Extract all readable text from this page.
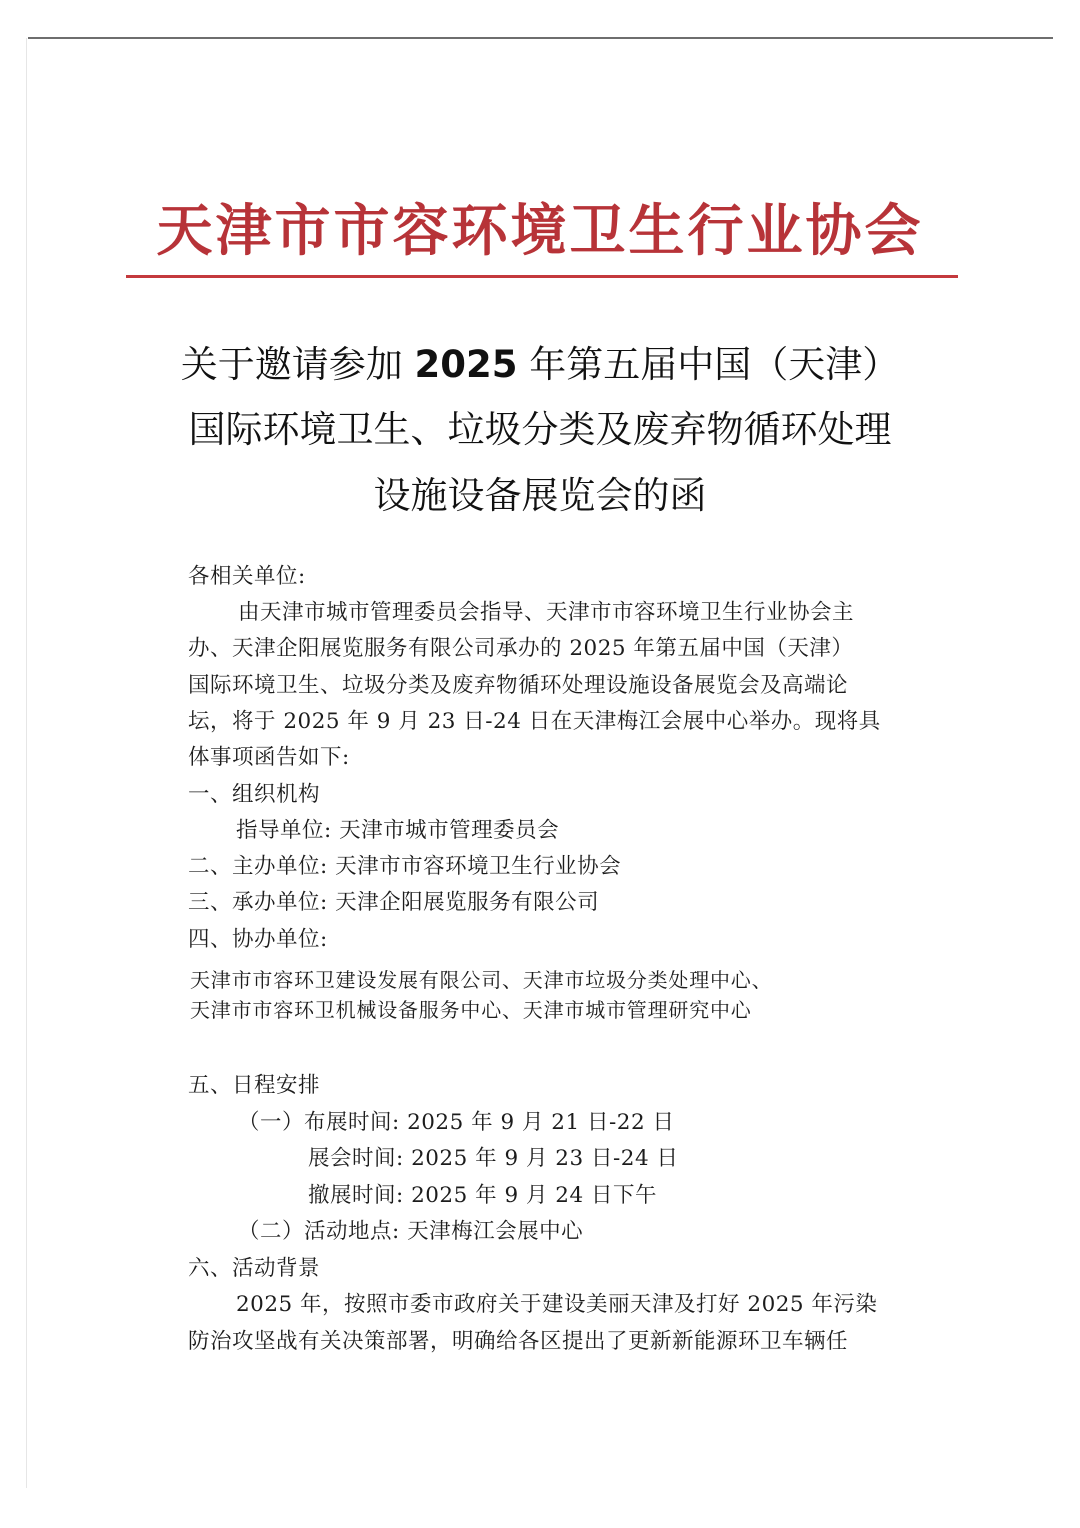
天津市市容环境卫生行业协会
关于邀请参加 2025 年第五届中国（天津）
国际环境卫生、垃圾分类及废弃物循环处理
设施设备展览会的函
各相关单位:
由天津市城市管理委员会指导、天津市市容环境卫生行业协会主
办、天津企阳展览服务有限公司承办的 2025 年第五届中国（天津）
国际环境卫生、垃圾分类及废弃物循环处理设施设备展览会及高端论
坛，将于 2025 年 9 月 23 日-24 日在天津梅江会展中心举办。现将具
体事项函告如下:
一、组织机构
指导单位: 天津市城市管理委员会
二、主办单位: 天津市市容环境卫生行业协会
三、承办单位: 天津企阳展览服务有限公司
四、协办单位:
天津市市容环卫建设发展有限公司、天津市垃圾分类处理中心、
天津市市容环卫机械设备服务中心、天津市城市管理研究中心
五、日程安排
（一）布展时间: 2025 年 9 月 21 日-22 日
展会时间: 2025 年 9 月 23 日-24 日
撤展时间: 2025 年 9 月 24 日下午
（二）活动地点: 天津梅江会展中心
六、活动背景
2025 年，按照市委市政府关于建设美丽天津及打好 2025 年污染
防治攻坚战有关决策部署，明确给各区提出了更新新能源环卫车辆任
